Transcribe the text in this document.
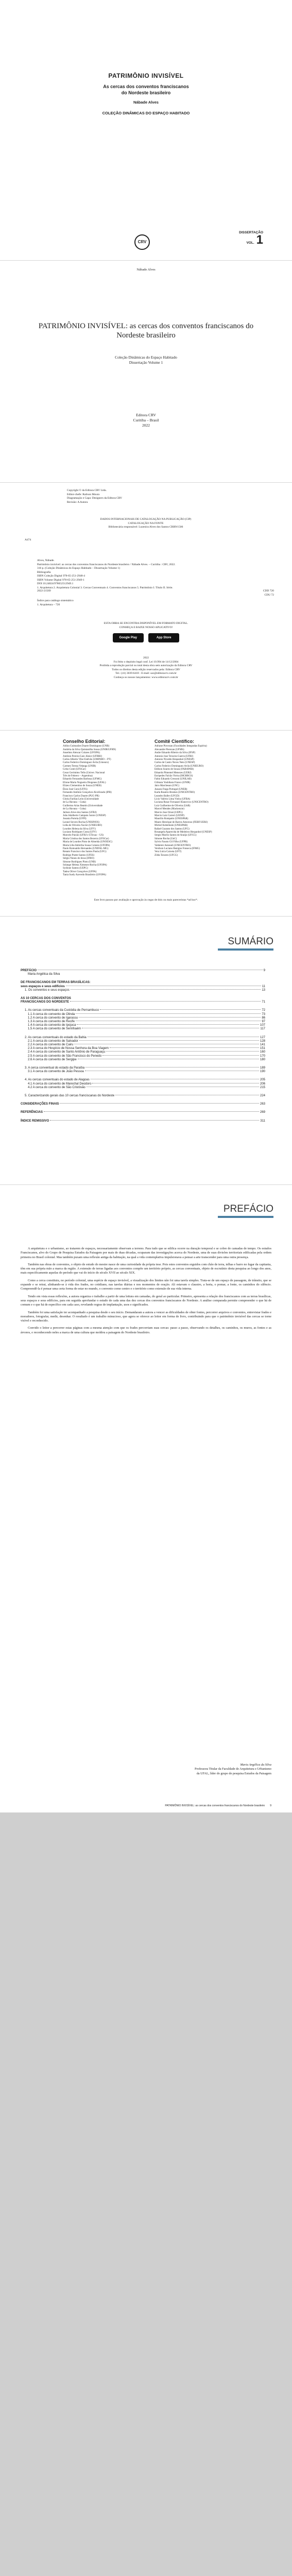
PATRIMÔNIO INVISÍVEL
As cercas dos conventos franciscanos
do Nordeste brasileiro
Nábade Alves
COLEÇÃO DINÂMICAS DO ESPAÇO HABITADO
CRV
DISSERTAÇÃO
VOL. 1
Nábade Alves
PATRIMÔNIO INVISÍVEL: as cercas dos conventos franciscanos do Nordeste brasileiro
Coleção Dinâmicas do Espaço Habitado
Dissertação Volume 1
Editora CRV
Curitiba – Brasil
2022
Copyright © da Editora CRV Ltda.
Editor-chefe: Railson Moura
Diagramação e Capa: Designers da Editora CRV
Revisão: A Autora
DADOS INTERNACIONAIS DE CATALOGAÇÃO NA PUBLICAÇÃO (CIP)
CATALOGAÇÃO NA FONTE
Bibliotecária responsável: Luzenira Alves dos Santos CRB9/1506
A474
Alves, Nábade.
Patrimônio invisível: as cercas dos conventos franciscanos do Nordeste brasileiro / Nábade Alves. – Curitiba : CRV, 2022.
316 p. (Coleção Dinâmicas do Espaço Habitado – Dissertação Volume 1)
Bibliografia
ISBN Coleção Digital 978-65-251-2948-4
ISBN Volume Digital 978-65-251-2949-1
DOI 10.24824/978652512949.1
1. Arquitetura 2. Arquitetura Colonial 3. Cercas Conventuais 4. Conventos franciscanos 5. Patrimônio I. Título II. Série.
2022-21569	CDD 720

CDU 72
Índice para catálogo sistemático
1. Arquitetura – 720
ESTA OBRA SE ENCONTRA DISPONÍVEL EM FORMATO DIGITAL.
CONHEÇA E BAIXE NOSSO APLICATIVO!
Google Play	App Store
2022
Foi feito o depósito legal conf. Lei 10.994 de 14/12/2004
Proibida a reprodução parcial ou total desta obra sem autorização da Editora CRV
Todos os direitos desta edição reservados pela: Editora CRV
Tel.: (41) 3039-6418 - E-mail: sac@editoracrv.com.br
Conheça os nossos lançamentos: www.editoracrv.com.br
Conselho Editorial:
Aldira Guimarães Duarte Domínguez (UNB)
Andréia da Silva Quintanilha Sousa (UNIR/UFRN)
Anselmo Alencar Colares (UFOPA)
Antônio Pereira Gaio Júnior (UFRRJ)
Carlos Alberto Vilar Estêvão (UMINHO – PT)
Carlos Federico Dominguez Avila (Unieuro)
Carmen Tereza Velanga (UNIR)
Celso Conti (UFSCar)
Cesar Gerónimo Tello (Univer. Nacional
Três de Febrero – Argentina)
Eduardo Fernandes Barbosa (UFMG)
Elione Maria Nogueira Diogenes (UFAL)
Elizeu Clementino de Souza (UNEB)
Élsio José Corá (UFFS)
Fernando Antônio Gonçalves Alcoforado (IPB)
Francisco Carlos Duarte (PUC-PR)
Gloria Fariñas León (Universidade
de La Havana – Cuba)
Guillermo Arias Beatón (Universidade
de La Havana – Cuba)
Jailson Alves dos Santos (UFRJ)
João Adalberto Campato Junior (UNESP)
Josania Portela (UFPI)
Leonel Severo Rocha (UNISINOS)
Lídia de Oliveira Xavier (UNIEURO)
Lourdes Helena da Silva (UFV)
Luciano Rodrigues Costa (UFV)
Marcelo Paixão (UFRJ e UTexas – US)
Maria Cristina dos Santos Bezerra (UFSCar)
Maria de Lourdes Pinto de Almeida (UNOESC)
Maria Lília Imbiriba Sousa Colares (UFOPA)
Paulo Romualdo Hernandes (UNIFAL-MG)
Renato Francisco dos Santos Paula (UFG)
Rodrigo Pratte-Santos (UFES)
Sérgio Nunes de Jesus (IFRO)
Simone Rodrigues Pinto (UNB)
Solange Helena Ximenes-Rocha (UFOPA)
Sydione Santos (UEPG)
Tadeu Oliver Gonçalves (UFPA)
Tania Suely Azevedo Brasileiro (UFOPA)
Comitê Científico:
Adriane Piovezan (Faculdades Integradas Espírita)
Alexandre Pierezan (UFMS)
Andre Eduardo Ribeiro da Silva (IFSP)
Antonio Jose Teixeira Guerra (UFRJ)
Antonio Nivaldo Hespanhol (UNESP)
Carlos de Castro Neves Neto (UNESP)
Carlos Federico Dominguez Avila (UNIEURO)
Edilson Soares de Souza (FABAPAR)
Eduardo Pimentel Menezes (UERJ)
Euripedes Falcão Vieira (IHGRRGS)
Fabio Eduardo Cressoni (UNILAB)
Gilmara Yoshihara Franco (UNIR)
Jairo Marchesan (UNC)
Jussara Fraga Portugal (UNEB)
Karla Rosário Brumes (UNICENTRO)
Leandro Baller (UFGD)
Lício Valério Lima Vieira (UFBA)
Luciana Rosar Fornazari Klanovicz (UNICENTRO)
Luiz Guilherme de Oliveira (UnB)
Marcel Mendes (Mackenzie)
Marcio Jose Ornat (UEPG)
Marcio Luiz Carreri (UENP)
Maurilio Rompatto (UNESPAR)
Mauro Henrique de Barros Amoroso (FEBF/UERJ)
Michel Kobelinski (UNESPAR)
Rafael Guarato dos Santos (UFG)
Rosangela Aparecida de Medeiros Hespanhol (UNESP)
Sergio Murilo Santos de Araújo (UFCG)
Simone Rocha (UnC)
Sylvio Fausto Gil Filho (UFPR)
Valdemir Antoneli (UNICENTRO)
Venilson Luciano Benigno Fonseca (IFMG)
Vera Lúcia Caixeta (UFT)
Zilda Tavares (UFCG)
Este livro passou por avaliação e aprovação às cegas de dois ou mais pareceristas *ad hoc*.
SUMÁRIO
PREFÁCIO	9
Maria Angélica da Silva
DE FRANCISCANOS EM TERRAS BRASÍLICAS:
seus espaços e seus edifícios	11
1. Os conventos e seus espaços	13
AS 10 CERCAS DOS CONVENTOS
FRANCISCANOS DO NORDESTE	71
1. As cercas conventuais da Custódia de Pernambuco	72
1.1 A cerca do convento de Olinda	73
1.2 A cerca do convento de Igarassu	86
1.3 A cerca do convento de Recife	97
1.4 A cerca do convento de Ipojuca	107
1.5 A cerca do convento de Serinhaém	117
2. As cercas conventuais do estado da Bahia	127
2.1 A cerca do convento de Salvador	128
2.2 A cerca do convento de Cairu	141
2.3 A cerca do Hospício de Nossa Senhora da Boa Viagem	151
2.4 A cerca do convento de Santo Antônio de Paraguaçu	160
2.5 A cerca do convento de São Francisco do Penedo	170
2.6 A cerca do convento de Sergipe	180
3. A cerca conventual do estado da Paraíba	189
3.1 A cerca do convento de João Pessoa	190
4. As cercas conventuais do estado de Alagoas	205
4.1 A cerca do convento de Marechal Deodoro	206
4.2 A cerca do convento de São Cristóvão	215
5. Caracterizando gerais das 10 cercas franciscanas do Nordeste	224
CONSIDERAÇÕES FINAIS	263
REFERÊNCIAS	269
ÍNDICE REMISSIVO	311
PREFÁCIO

A arquitetura e o urbanismo, ao tratarem de espaços, necessariamente observam a terreno. Para tudo que se edifica ocorre na duração temporal e se cobre de camadas de tempo. Os estudos Franciscanos, alvo do Grupo de Pesquisa Estudos da Paisagem por mais de duas décadas, ocuparam das investigações acerca do Nordeste, uma de suas divisões territoriais edificadas pela ordem primeira no Brasil colonial. Mas também puxam uma reflexão antiga da habitação, na qual a vida contemplativa impulsionava a pensar a arte transcender para uma outra presença.

Também nas obras de conventos, o objeto de estudo do mestre nasce de uma curiosidade da própria tese. Pois estes conventos erguidos com chão de terra, telhas e barro no lugar da capitania, têm em sua própria mão a marca da região. A extensão de terras ligadas aos conventos compõe um território próprio, as cercas conventuais, objeto de escrutínio desta pesquisa ao longo dos anos, mais especificamente aquelas do período que vai do início do século XVII ao século XIX.

Como a cerca constituiu, no período colonial, uma espécie de espaço invisível, a visualização dos limites não foi uma tarefa simples. Trata-se de um espaço de passagem, de trânsito, que se expande e se retrai, alinhando-se à vida dos frades, no cotidiano, nas tarefas diárias e nos momentos de oração. Ali estavam o claustro, a horta, o pomar, a fonte, os caminhos do silêncio. Compreendê-la é pensar uma certa forma de estar no mundo, o convento como centro e o território como extensão de sua vida interna.

Tendo em vista essas reflexões, a autora organiza o trabalho a partir de uma leitura em camadas, do geral ao particular. Primeiro, apresenta a relação dos franciscanos com as terras brasílicas, seus espaços e seus edifícios, para em seguida aprofundar o estudo de cada uma das dez cercas dos conventos franciscanos do Nordeste. A análise comparada permite compreender o que há de comum e o que há de específico em cada caso, revelando regras de implantação, usos e significados.

Também foi uma satisfação ter acompanhado a pesquisa desde o seu início. Demandaram a autora a vencer as dificuldades de obter fontes, percorrer arquivos e conventos, entrevistar frades e moradores, fotografar, medir, desenhar. O resultado é um trabalho minucioso, que agora se oferece ao leitor em forma de livro, contribuindo para que o patrimônio invisível das cercas se torne visível e reconhecido.

Convido o leitor a percorrer estas páginas com a mesma atenção com que os frades percorriam suas cercas: passo a passo, observando os detalhes, os caminhos, os muros, as fontes e as árvores, e reconhecendo neles a marca de uma cultura que moldou a paisagem do Nordeste brasileiro.

Maria Angélica da Silva
Professora Titular da Faculdade de Arquitetura e Urbanismo
da UFAL, líder do grupo de pesquisa Estudos da Paisagem
PATRIMÔNIO INVISÍVEL: as cercas dos conventos franciscanos do Nordeste brasileiro 9
